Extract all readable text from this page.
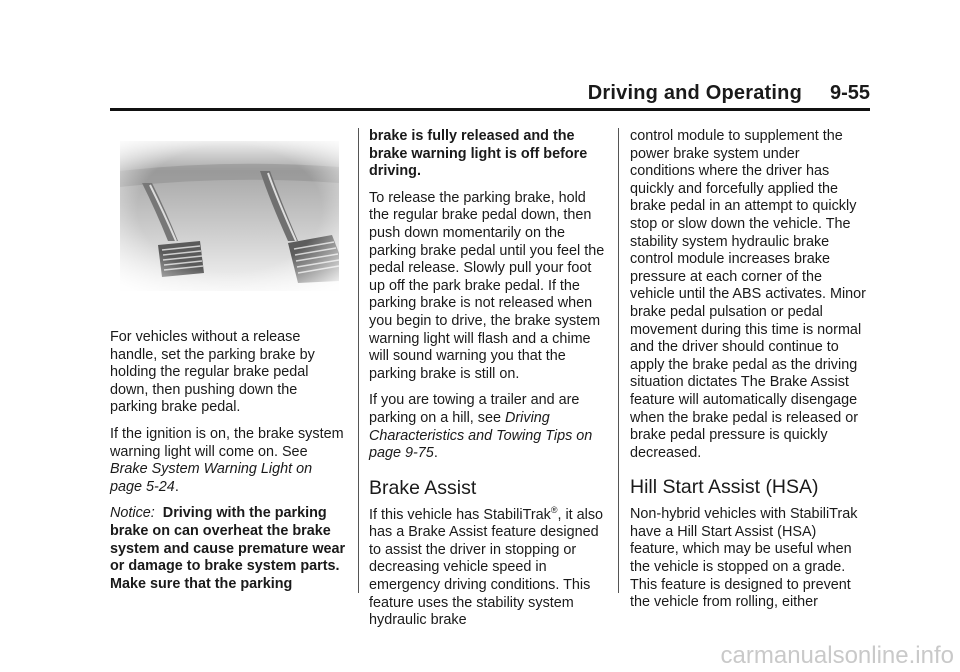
Driving and Operating 9-55

For vehicles without a release handle, set the parking brake by holding the regular brake pedal down, then pushing down the parking brake pedal.

If the ignition is on, the brake system warning light will come on. See Brake System Warning Light on page 5-24.

Notice: Driving with the parking brake on can overheat the brake system and cause premature wear or damage to brake system parts. Make sure that the parking

brake is fully released and the brake warning light is off before driving.

To release the parking brake, hold the regular brake pedal down, then push down momentarily on the parking brake pedal until you feel the pedal release. Slowly pull your foot up off the park brake pedal. If the parking brake is not released when you begin to drive, the brake system warning light will flash and a chime will sound warning you that the parking brake is still on.

If you are towing a trailer and are parking on a hill, see Driving Characteristics and Towing Tips on page 9-75.

Brake Assist

If this vehicle has StabiliTrak®, it also has a Brake Assist feature designed to assist the driver in stopping or decreasing vehicle speed in emergency driving conditions. This feature uses the stability system hydraulic brake

control module to supplement the power brake system under conditions where the driver has quickly and forcefully applied the brake pedal in an attempt to quickly stop or slow down the vehicle. The stability system hydraulic brake control module increases brake pressure at each corner of the vehicle until the ABS activates. Minor brake pedal pulsation or pedal movement during this time is normal and the driver should continue to apply the brake pedal as the driving situation dictates The Brake Assist feature will automatically disengage when the brake pedal is released or brake pedal pressure is quickly decreased.

Hill Start Assist (HSA)

Non-hybrid vehicles with StabiliTrak have a Hill Start Assist (HSA) feature, which may be useful when the vehicle is stopped on a grade. This feature is designed to prevent the vehicle from rolling, either

carmanualsonline.info
